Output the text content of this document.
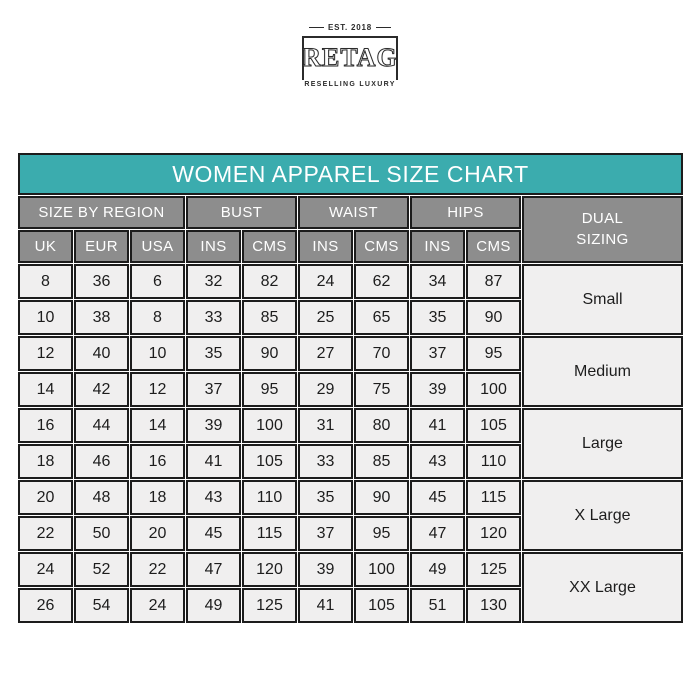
EST. 2018
RETAG
RESELLING LUXURY
WOMEN APPAREL SIZE CHART									
SIZE BY REGION			BUST		WAIST		HIPS		DUAL SIZING
UK	EUR	USA	INS	CMS	INS	CMS	INS	CMS	
8	36	6	32	82	24	62	34	87	Small
10	38	8	33	85	25	65	35	90	
12	40	10	35	90	27	70	37	95	Medium
14	42	12	37	95	29	75	39	100	
16	44	14	39	100	31	80	41	105	Large
18	46	16	41	105	33	85	43	110	
20	48	18	43	110	35	90	45	115	X Large
22	50	20	45	115	37	95	47	120	
24	52	22	47	120	39	100	49	125	XX Large
26	54	24	49	125	41	105	51	130	
